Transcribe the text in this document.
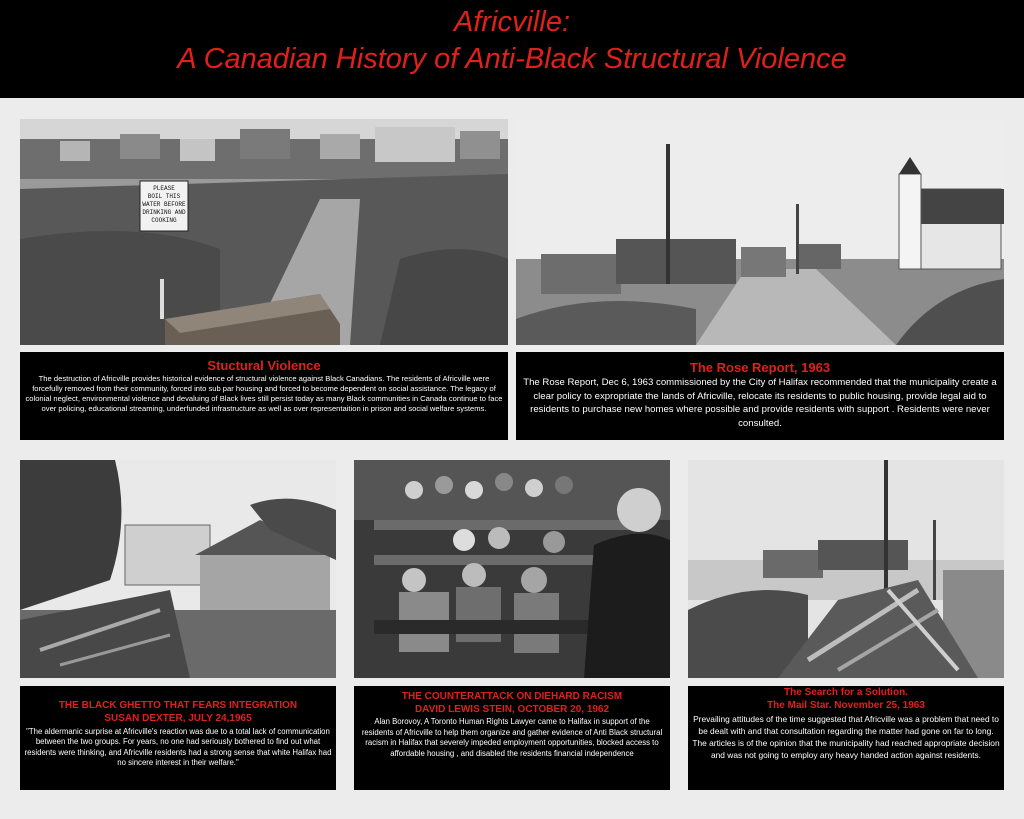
Africville:
A Canadian History of Anti-Black Structural Violence
PLEASE
BOIL THIS
WATER BEFORE
DRINKING AND
COOKING
Stuctural Violence
The destruction of Africville provides historical evidence of structural violence against Black Canadians. The residents of Africville were forcefully removed from their community, forced into sub par housing and forced to become dependent on social assistance. The legacy of colonial neglect, environmental violence and devaluing of Black lives still persist today as many Black communities in Canada continue to face over policing, educational streaming, underfunded infrastructure as well as over representaition in prison and social welfare systems.
The Rose Report, 1963
The Rose Report, Dec 6, 1963 commissioned by the City of Halifax recommended that the municipality create a clear policy to expropriate the lands of Africville, relocate its residents to public housing, provide legal aid to residents to purchase new homes where possible and provide residents with support . Residents were never consulted.
THE BLACK GHETTO THAT FEARS INTEGRATION
SUSAN DEXTER, JULY 24,1965
"The aldermanic surprise at Africville's reaction was due to a total lack of communication between the two groups. For years, no one had seriously bothered to find out what residents were thinking, and Africville residents had a strong sense that white Halifax had no sincere interest in their welfare."
THE COUNTERATTACK ON DIEHARD RACISM
DAVID LEWIS STEIN, OCTOBER 20, 1962
Alan Borovoy, A Toronto Human Rights Lawyer came to Halifax in support of the residents of Africville to help them organize and gather evidence of Anti Black structural racism in Halifax that severely impeded employment opportunities, blocked access to affordable housing , and disabled the residents financial independence
The Search for a Solution.
The Mail Star. November 25, 1963
Prevailing attitudes of the time suggested that Africville was a problem that need to be dealt with and that consultation regarding the matter had gone on far to long. The articles is of the opinion that the municipality had reached appropriate decision and was not going to employ any heavy handed action against residents.
